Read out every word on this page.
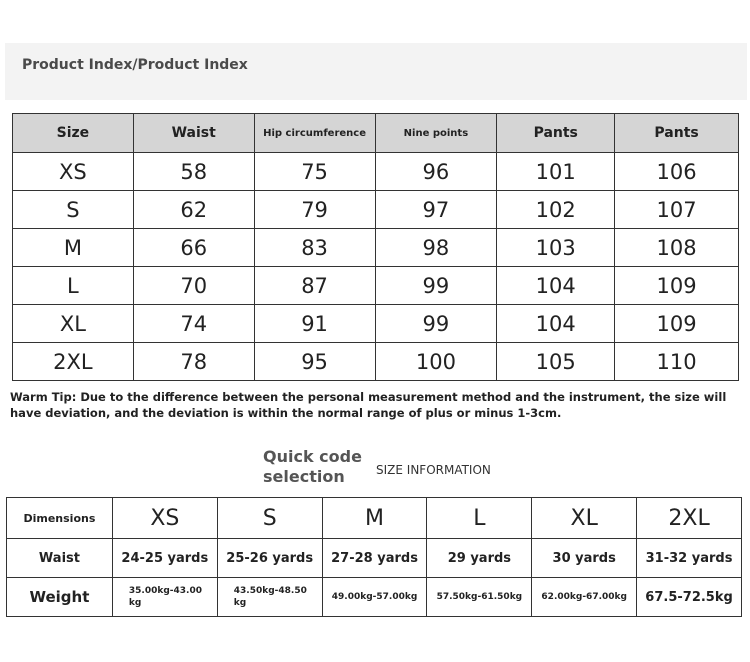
Product Index/Product Index
Size	Waist	Hip circumference	Nine points	Pants	Pants
XS	58	75	96	101	106
S	62	79	97	102	107
M	66	83	98	103	108
L	70	87	99	104	109
XL	74	91	99	104	109
2XL	78	95	100	105	110
Warm Tip: Due to the difference between the personal measurement method and the instrument, the size will have deviation, and the deviation is within the normal range of plus or minus 1-3cm.
Quick code
selection	SIZE INFORMATION
Dimensions	XS	S	M	L	XL	2XL
Waist	24-25 yards	25-26 yards	27-28 yards	29 yards	30 yards	31-32 yards
Weight	35.00kg-43.00 kg	43.50kg-48.50 kg	49.00kg-57.00kg	57.50kg-61.50kg	62.00kg-67.00kg	67.5-72.5kg
